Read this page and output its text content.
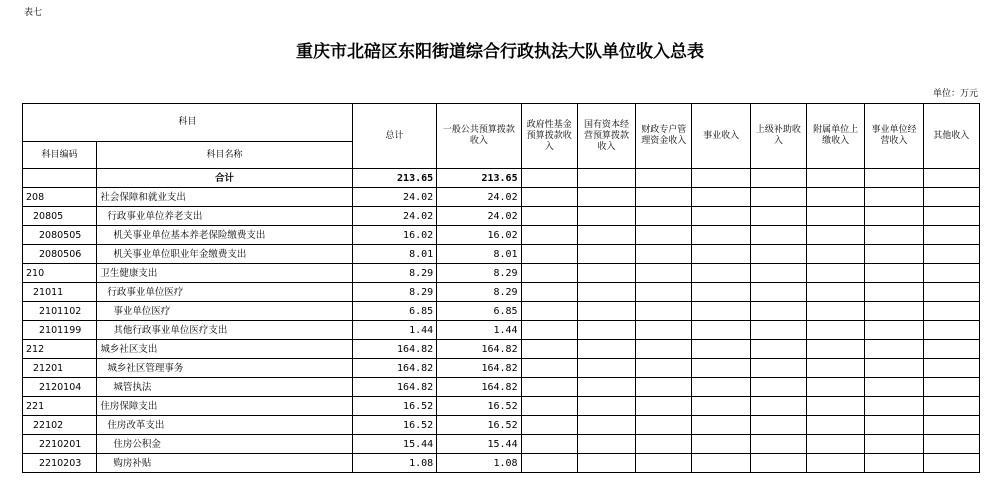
表七
重庆市北碚区东阳街道综合行政执法大队单位收入总表
单位：万元
科目		总计	一般公共预算拨款收入	政府性基金预算拨款收入	国有资本经营预算拨款收入	财政专户管理资金收入	事业收入	上级补助收入	附属单位上缴收入	事业单位经营收入	其他收入
科目编码	科目名称										
	合计	213.65	213.65								
208	社会保障和就业支出	24.02	24.02								
20805	行政事业单位养老支出	24.02	24.02								
2080505	机关事业单位基本养老保险缴费支出	16.02	16.02								
2080506	机关事业单位职业年金缴费支出	8.01	8.01								
210	卫生健康支出	8.29	8.29								
21011	行政事业单位医疗	8.29	8.29								
2101102	事业单位医疗	6.85	6.85								
2101199	其他行政事业单位医疗支出	1.44	1.44								
212	城乡社区支出	164.82	164.82								
21201	城乡社区管理事务	164.82	164.82								
2120104	城管执法	164.82	164.82								
221	住房保障支出	16.52	16.52								
22102	住房改革支出	16.52	16.52								
2210201	住房公积金	15.44	15.44								
2210203	购房补贴	1.08	1.08								
